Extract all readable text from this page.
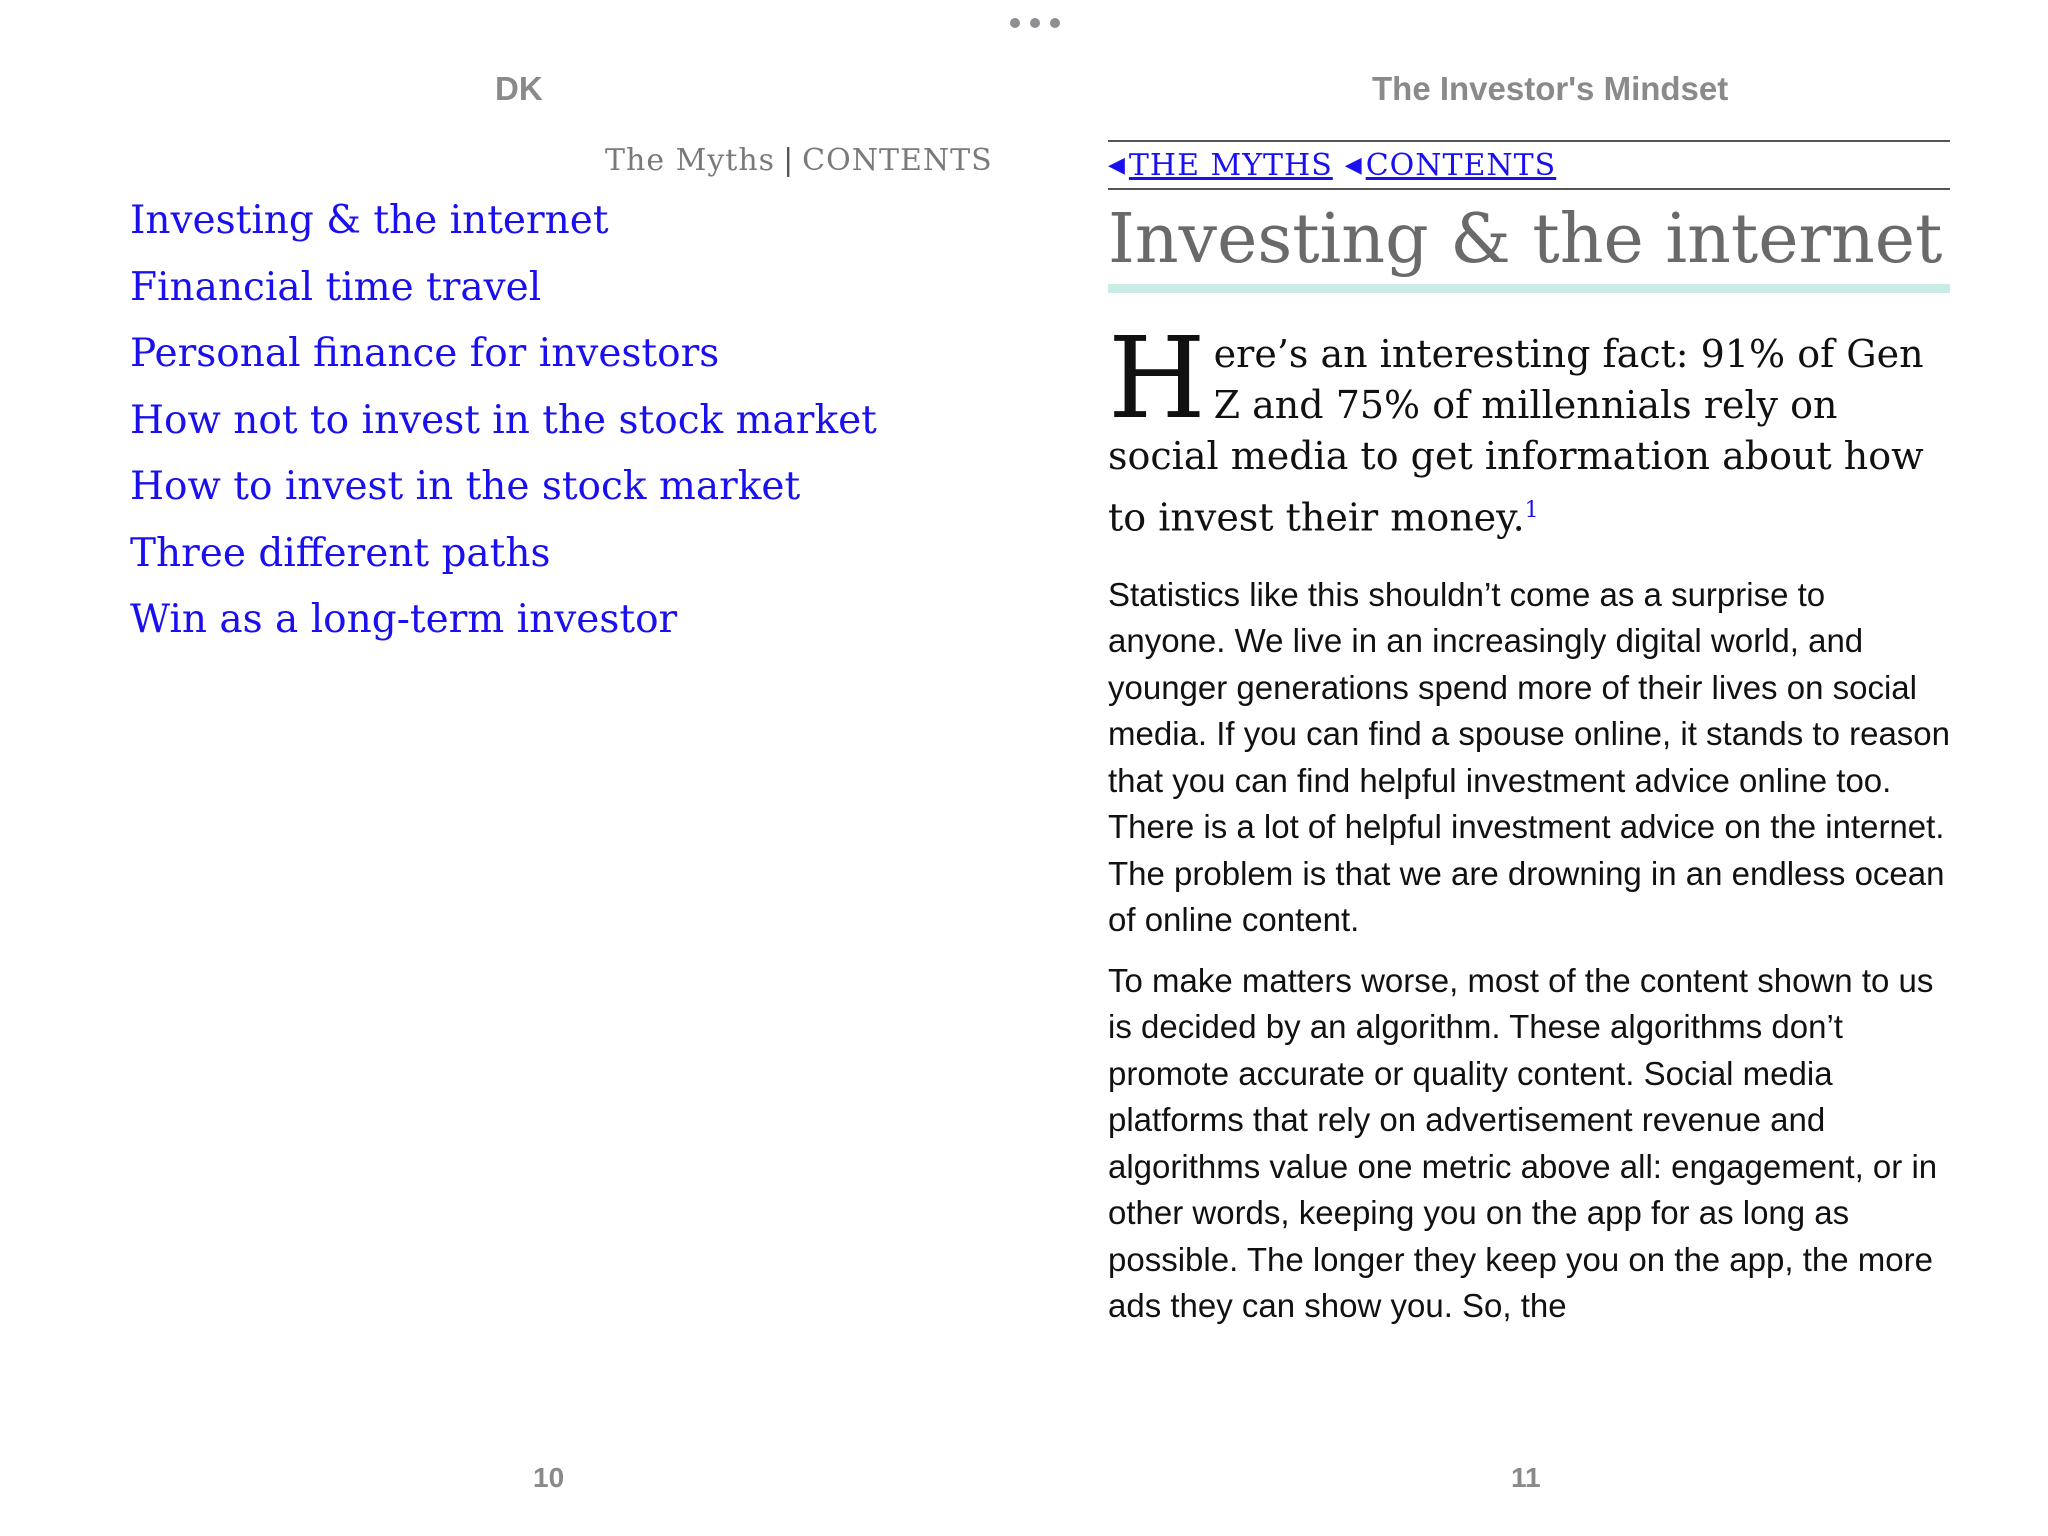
DK	The Investor's Mindset
The Myths | CONTENTS
Investing & the internet
Financial time travel
Personal finance for investors
How not to invest in the stock market
How to invest in the stock market
Three different paths
Win as a long-term investor
10
◀ THE MYTHS ◀ CONTENTS
Investing & the internet

Here’s an interesting fact: 91% of Gen Z and 75% of millennials rely on social media to get information about how to invest their money.$^1$

Statistics like this shouldn’t come as a surprise to anyone. We live in an increasingly digital world, and younger generations spend more of their lives on social media. If you can find a spouse online, it stands to reason that you can find helpful investment advice online too. There is a lot of helpful investment advice on the internet. The problem is that we are drowning in an endless ocean of online content.

To make matters worse, most of the content shown to us is decided by an algorithm. These algorithms don’t promote accurate or quality content. Social media platforms that rely on advertisement revenue and algorithms value one metric above all: engagement, or in other words, keeping you on the app for as long as possible. The longer they keep you on the app, the more ads they can show you. So, the

11
